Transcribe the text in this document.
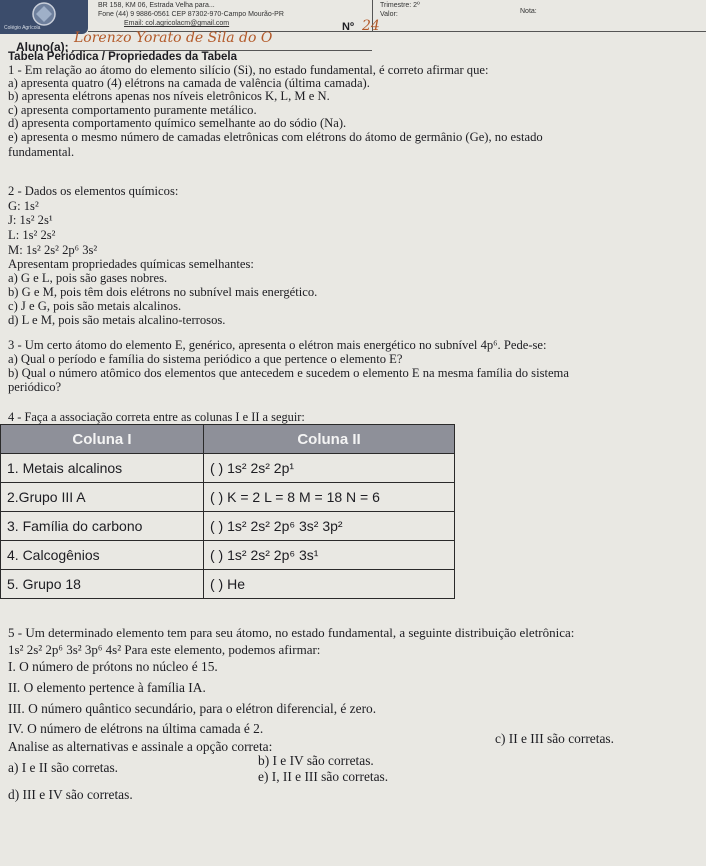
Colégio Agrícola
BR 158, KM 06, Estrada Velha para...
Fone (44) 9 9886-0561 CEP 87302-970-Campo Mourão-PR
Email: col.agricolacm@gmail.com
Trimestre: 2º
Valor:	Nota:
Nº 24
Aluno(a):
Lorenzo Yorato de Sila do O
Tabela Periódica / Propriedades da Tabela
1 - Em relação ao átomo do elemento silício (Si), no estado fundamental, é correto afirmar que:
a) apresenta quatro (4) elétrons na camada de valência (última camada).
b) apresenta elétrons apenas nos níveis eletrônicos K, L, M e N.
c) apresenta comportamento puramente metálico.
d) apresenta comportamento químico semelhante ao do sódio (Na).
e) apresenta o mesmo número de camadas eletrônicas com elétrons do átomo de germânio (Ge), no estado
fundamental.
2 - Dados os elementos químicos:
G: 1s²
J: 1s² 2s¹
L: 1s² 2s²
M: 1s² 2s² 2p⁶ 3s²
Apresentam propriedades químicas semelhantes:
a) G e L, pois são gases nobres.
b) G e M, pois têm dois elétrons no subnível mais energético.
c) J e G, pois são metais alcalinos.
d) L e M, pois são metais alcalino-terrosos.
3 - Um certo átomo do elemento E, genérico, apresenta o elétron mais energético no subnível 4p⁶. Pede-se:
a) Qual o período e família do sistema periódico a que pertence o elemento E?
b) Qual o número atômico dos elementos que antecedem e sucedem o elemento E na mesma família do sistema
periódico?
4 - Faça a associação correta entre as colunas I e II a seguir:
Coluna I	Coluna II
1. Metais alcalinos	( ) 1s² 2s² 2p¹
2.Grupo III A	( ) K = 2 L = 8 M = 18 N = 6
3. Família do carbono	( ) 1s² 2s² 2p⁶ 3s² 3p²
4. Calcogênios	( ) 1s² 2s² 2p⁶ 3s¹
5. Grupo 18	( ) He
5 - Um determinado elemento tem para seu átomo, no estado fundamental, a seguinte distribuição eletrônica:
1s² 2s² 2p⁶ 3s² 3p⁶ 4s² Para este elemento, podemos afirmar:
I. O número de prótons no núcleo é 15.
II. O elemento pertence à família IA.
III. O número quântico secundário, para o elétron diferencial, é zero.
IV. O número de elétrons na última camada é 2.
Analise as alternativas e assinale a opção correta:
a) I e II são corretas.	b) I e IV são corretas.
c) II e III são corretas.
d) III e IV são corretas.
e) I, II e III são corretas.
